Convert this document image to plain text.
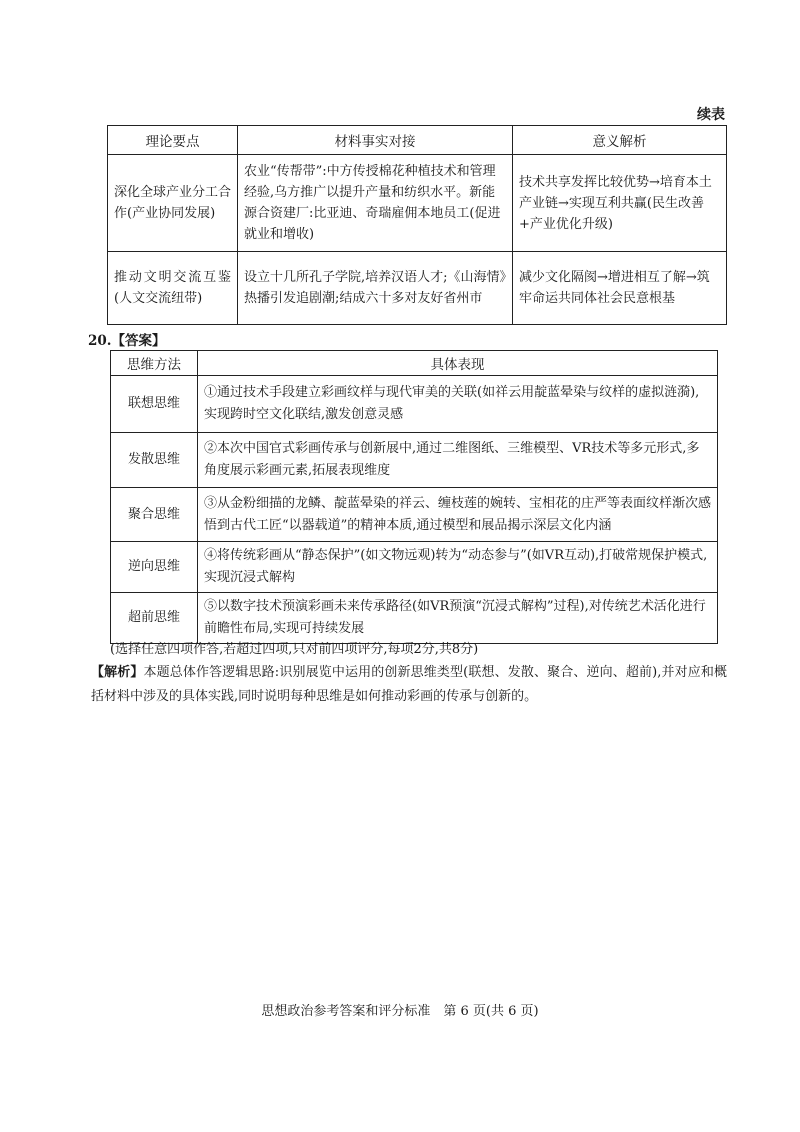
续表
理论要点	材料事实对接	意义解析
深化全球产业分工合作(产业协同发展)	农业“传帮带”:中方传授棉花种植技术和管理经验,乌方推广以提升产量和纺织水平。新能源合资建厂:比亚迪、奇瑞雇佣本地员工(促进就业和增收)	技术共享发挥比较优势→培育本土产业链→实现互利共赢(民生改善+产业优化升级)
推动文明交流互鉴(人文交流纽带)	设立十几所孔子学院,培养汉语人才;《山海情》热播引发追剧潮;结成六十多对友好省州市	减少文化隔阂→增进相互了解→筑牢命运共同体社会民意根基
20.【答案】
思维方法	具体表现
联想思维	①通过技术手段建立彩画纹样与现代审美的关联(如祥云用靛蓝晕染与纹样的虚拟涟漪),实现跨时空文化联结,激发创意灵感
发散思维	②本次中国官式彩画传承与创新展中,通过二维图纸、三维模型、VR技术等多元形式,多角度展示彩画元素,拓展表现维度
聚合思维	③从金粉细描的龙鳞、靛蓝晕染的祥云、缠枝莲的婉转、宝相花的庄严等表面纹样渐次感悟到古代工匠“以器载道”的精神本质,通过模型和展品揭示深层文化内涵
逆向思维	④将传统彩画从“静态保护”(如文物远观)转为“动态参与”(如VR互动),打破常规保护模式,实现沉浸式解构
超前思维	⑤以数字技术预演彩画未来传承路径(如VR预演“沉浸式解构”过程),对传统艺术活化进行前瞻性布局,实现可持续发展
(选择任意四项作答,若超过四项,只对前四项评分,每项2分,共8分)
【解析】本题总体作答逻辑思路:识别展览中运用的创新思维类型(联想、发散、聚合、逆向、超前),并对应和概括材料中涉及的具体实践,同时说明每种思维是如何推动彩画的传承与创新的。
思想政治参考答案和评分标准　第 6 页(共 6 页)
